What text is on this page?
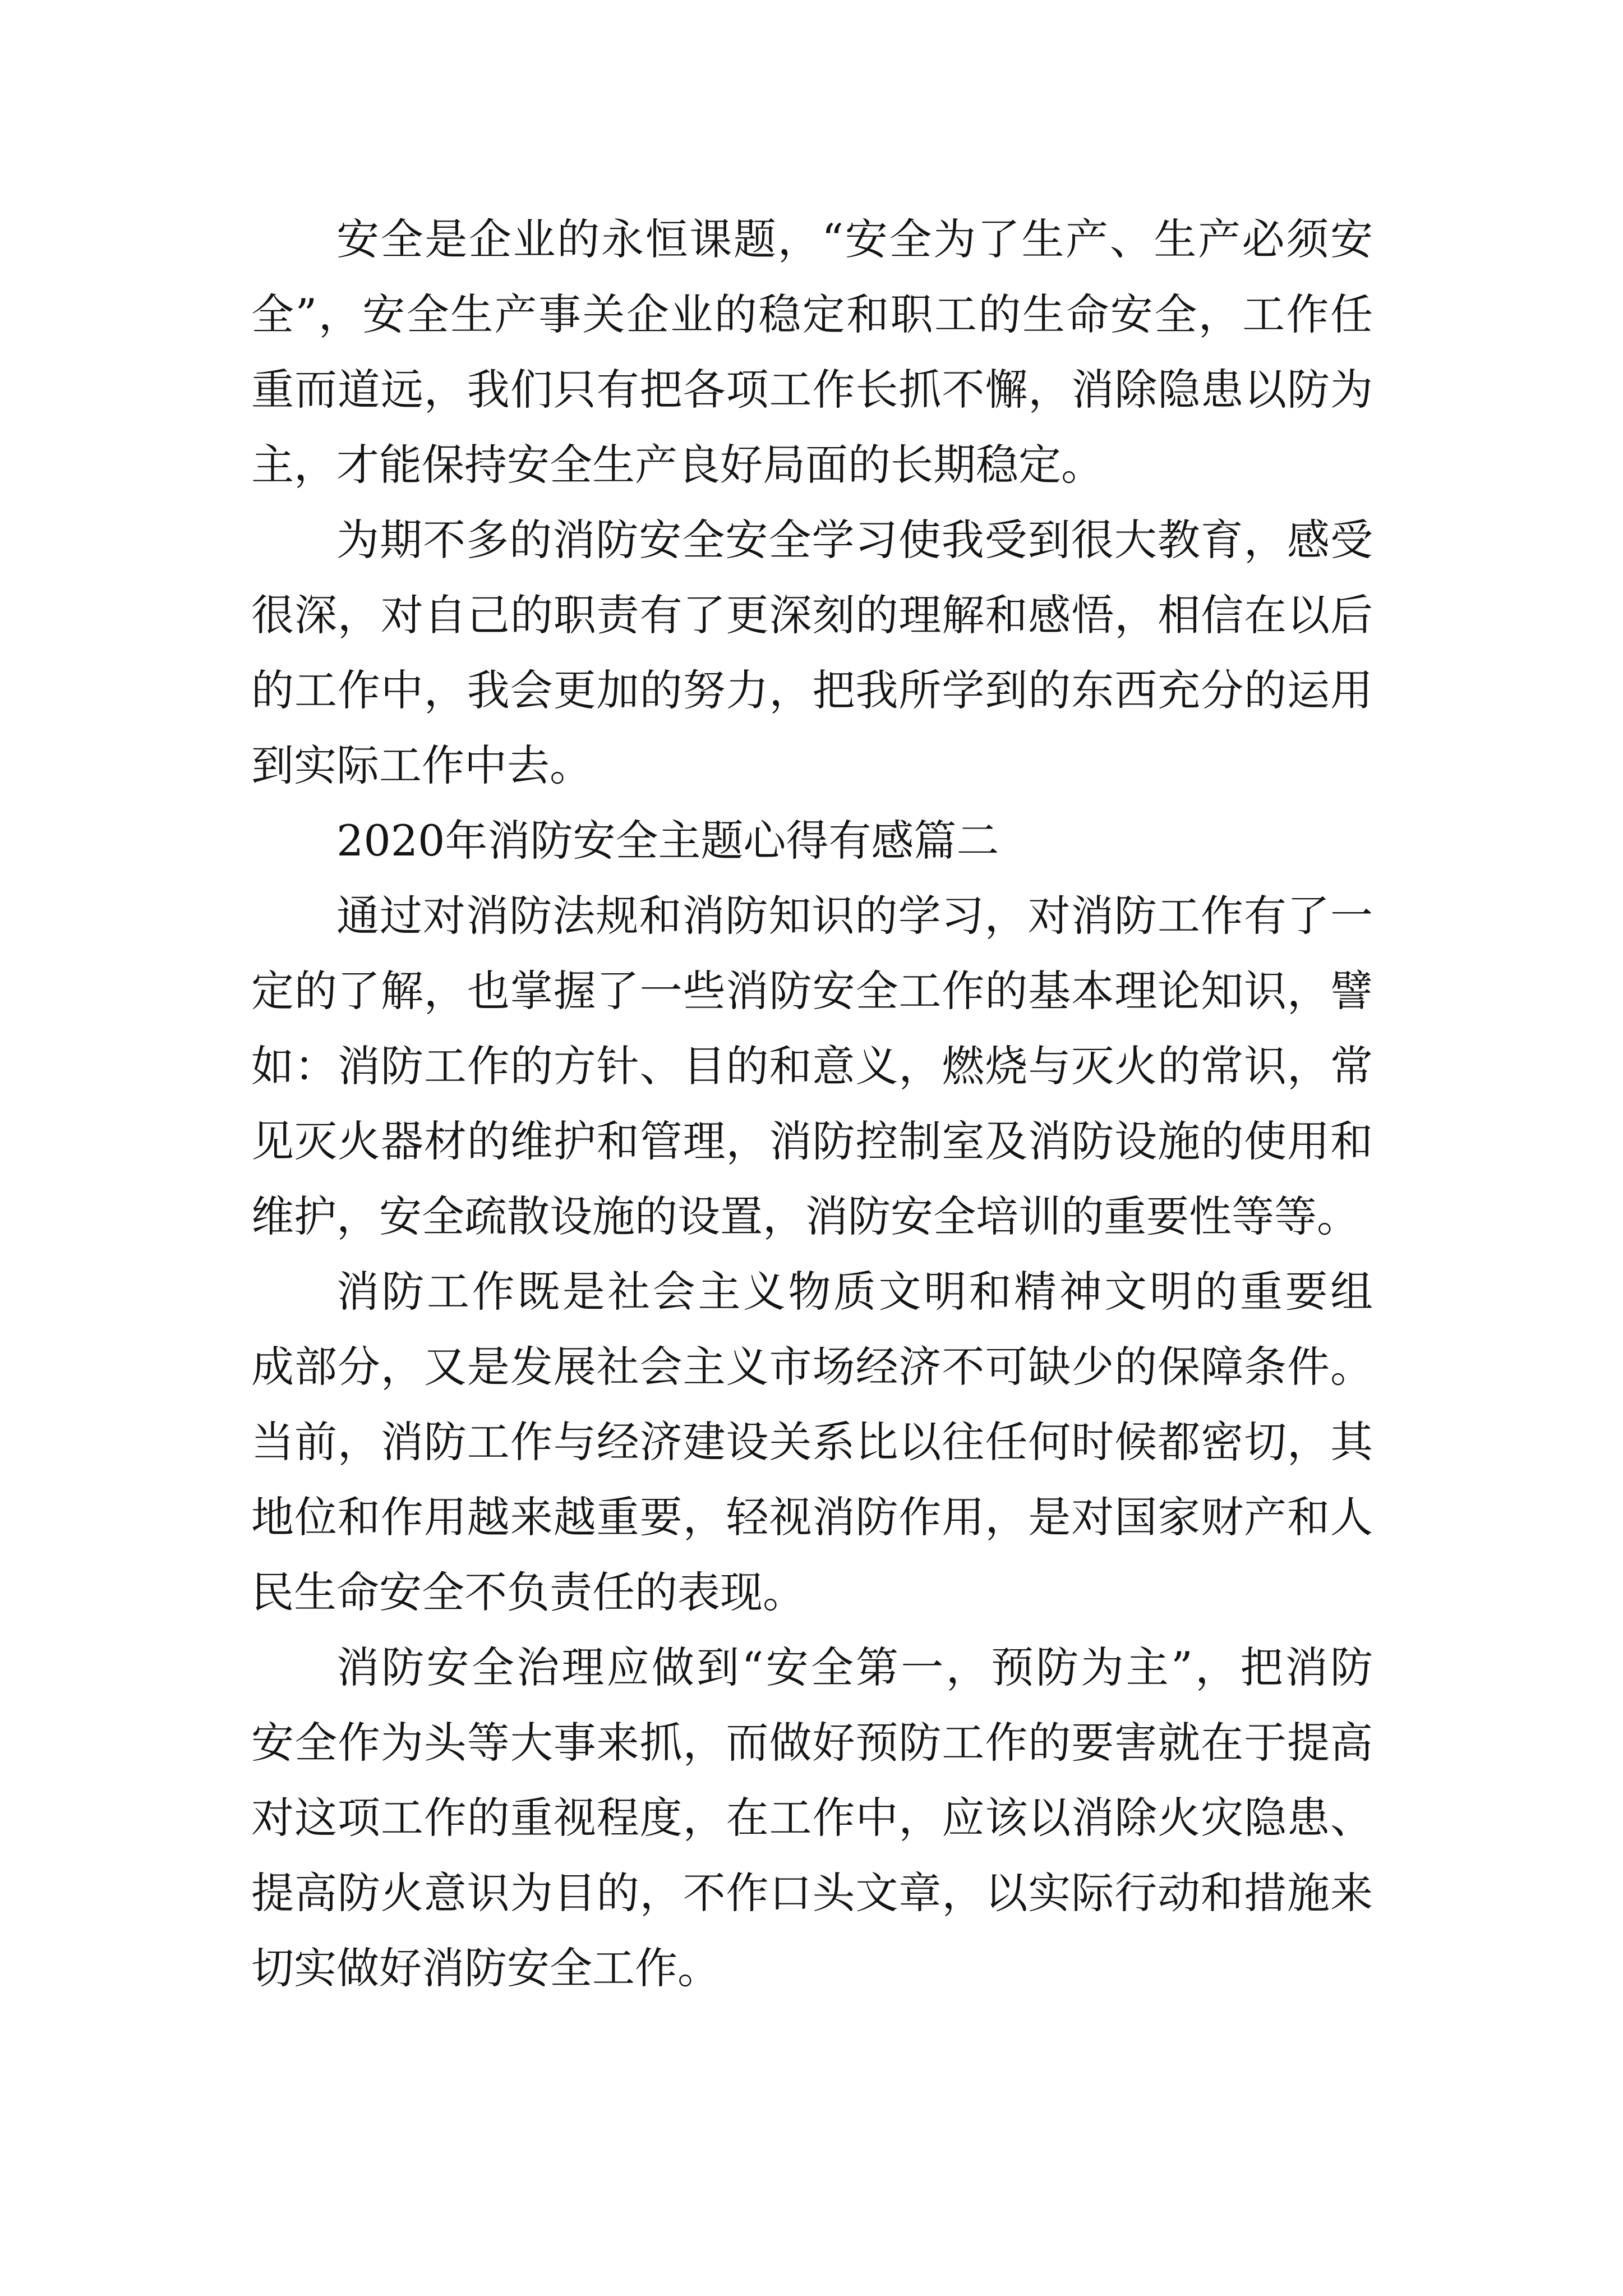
安全是企业的永恒课题，“安全为了生产、生产必须安
全”，安全生产事关企业的稳定和职工的生命安全，工作任
重而道远，我们只有把各项工作长抓不懈，消除隐患以防为
主，才能保持安全生产良好局面的长期稳定。
为期不多的消防安全安全学习使我受到很大教育，感受
很深，对自己的职责有了更深刻的理解和感悟，相信在以后
的工作中，我会更加的努力，把我所学到的东西充分的运用
到实际工作中去。
2020年消防安全主题心得有感篇二
通过对消防法规和消防知识的学习，对消防工作有了一
定的了解，也掌握了一些消防安全工作的基本理论知识，譬
如：消防工作的方针、目的和意义，燃烧与灭火的常识，常
见灭火器材的维护和管理，消防控制室及消防设施的使用和
维护，安全疏散设施的设置，消防安全培训的重要性等等。
消防工作既是社会主义物质文明和精神文明的重要组
成部分，又是发展社会主义市场经济不可缺少的保障条件。
当前，消防工作与经济建设关系比以往任何时候都密切，其
地位和作用越来越重要，轻视消防作用，是对国家财产和人
民生命安全不负责任的表现。
消防安全治理应做到“安全第一，预防为主”，把消防
安全作为头等大事来抓，而做好预防工作的要害就在于提高
对这项工作的重视程度，在工作中，应该以消除火灾隐患、
提高防火意识为目的，不作口头文章，以实际行动和措施来
切实做好消防安全工作。
